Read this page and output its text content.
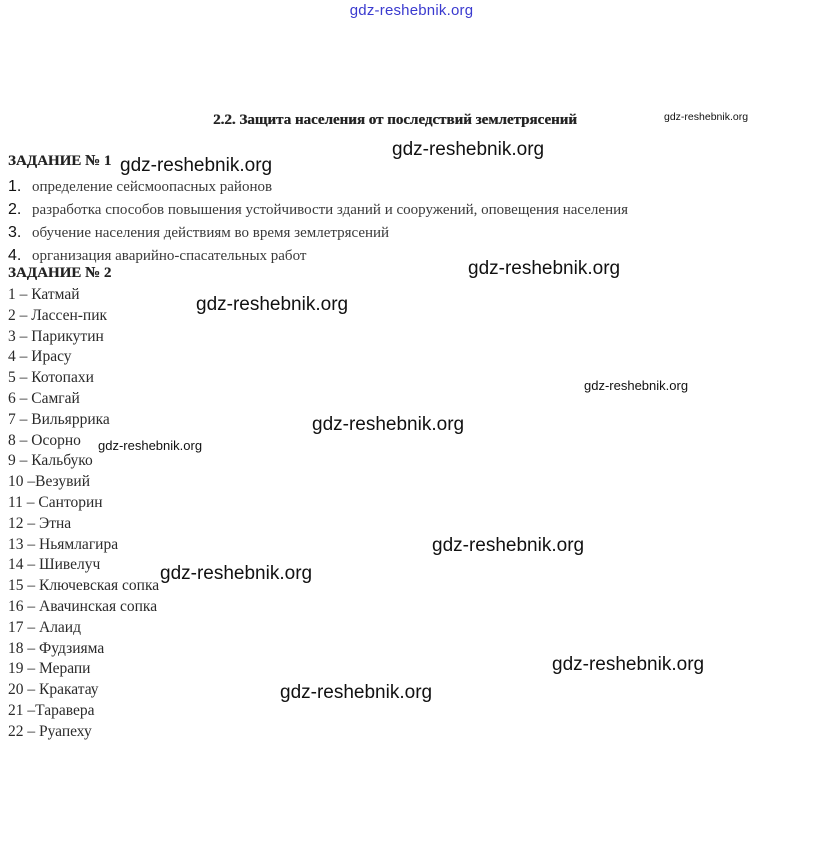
gdz-reshebnik.org
2.2. Защита населения от последствий землетрясений
ЗАДАНИЕ № 1
1. определение сейсмоопасных районов
2. разработка способов повышения устойчивости зданий и сооружений, оповещения населения
3. обучение населения действиям во время землетрясений
4. организация аварийно-спасательных работ
ЗАДАНИЕ № 2
1 – Катмай
2 – Лассен-пик
3 – Парикутин
4 – Ирасу
5 – Котопахи
6 – Самгай
7 – Вильяррика
8 – Осорно
9 – Кальбуко
10 –Везувий
11 – Санторин
12 – Этна
13 – Ньямлагира
14 – Шивелуч
15 – Ключевская сопка
16 – Авачинская сопка
17 – Алаид
18 – Фудзияма
19 – Мерапи
20 – Кракатау
21 –Таравера
22 – Руапеху
gdz-reshebnik.org
gdz-reshebnik.org
gdz-reshebnik.org
gdz-reshebnik.org
gdz-reshebnik.org
gdz-reshebnik.org
gdz-reshebnik.org
gdz-reshebnik.org
gdz-reshebnik.org
gdz-reshebnik.org
gdz-reshebnik.org
gdz-reshebnik.org
